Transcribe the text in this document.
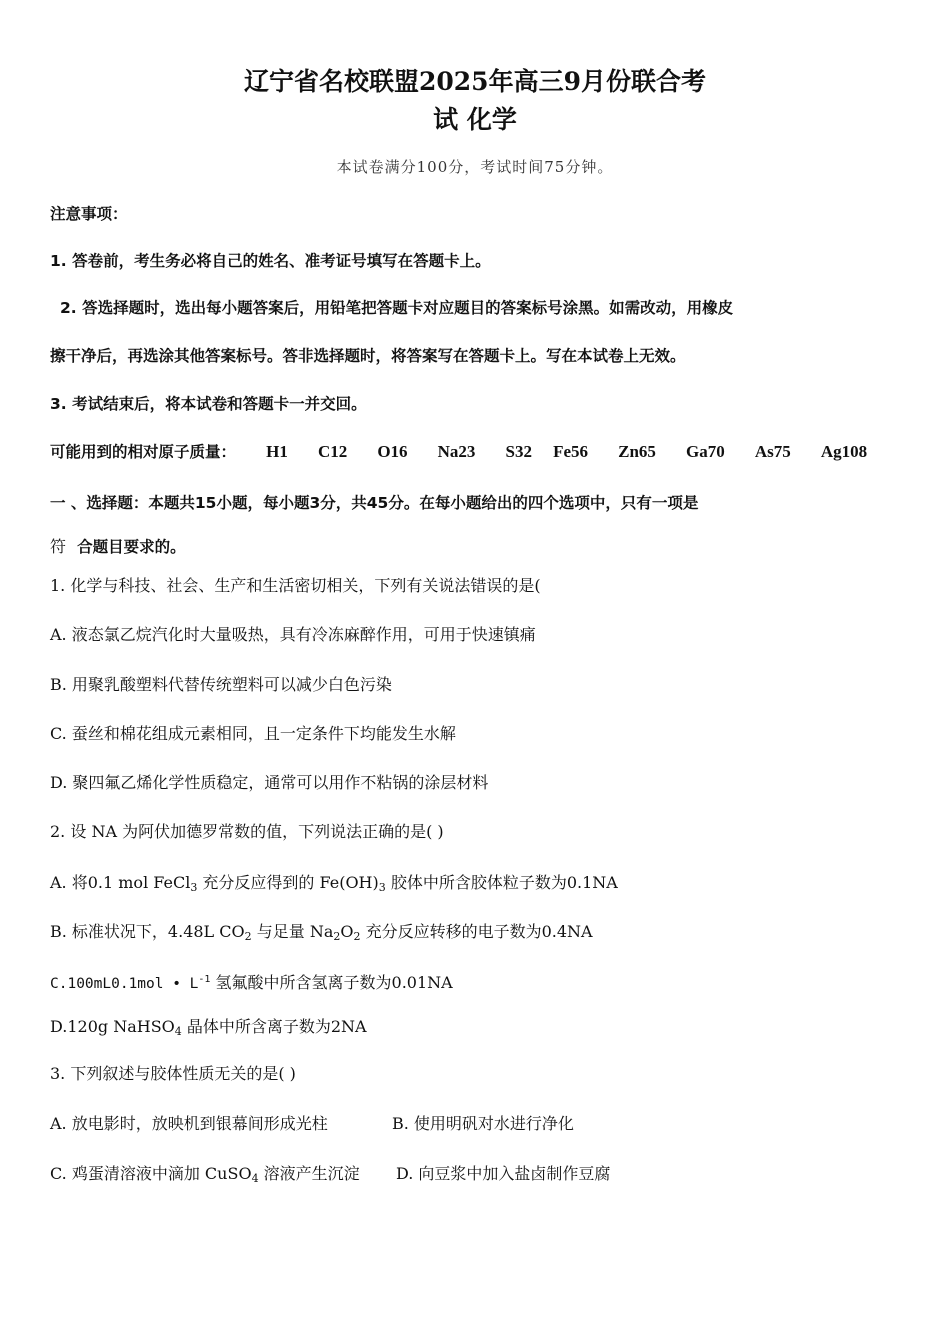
辽宁省名校联盟2025年高三9月份联合考
试 化学
本试卷满分100分，考试时间75分钟。
注意事项：
1. 答卷前，考生务必将自己的姓名、准考证号填写在答题卡上。
2. 答选择题时，选出每小题答案后，用铅笔把答题卡对应题目的答案标号涂黑。如需改动，用橡皮
擦干净后，再选涂其他答案标号。答非选择题时，将答案写在答题卡上。写在本试卷上无效。
3. 考试结束后，将本试卷和答题卡一并交回。
可能用到的相对原子质量： H1 C12 O16 Na23 S32 Fe56 Zn65 Ga70 As75 Ag108
一 、选择题：本题共15小题，每小题3分，共45分。在每小题给出的四个选项中，只有一项是
符 合题目要求的。
1. 化学与科技、社会、生产和生活密切相关，下列有关说法错误的是(
A. 液态氯乙烷汽化时大量吸热，具有冷冻麻醉作用，可用于快速镇痛
B. 用聚乳酸塑料代替传统塑料可以减少白色污染
C. 蚕丝和棉花组成元素相同，且一定条件下均能发生水解
D. 聚四氟乙烯化学性质稳定，通常可以用作不粘锅的涂层材料
2. 设 NA 为阿伏加德罗常数的值，下列说法正确的是( )
A. 将0.1 mol FeCl$_3$ 充分反应得到的 $Fe(OH)_3$ 胶体中所含胶体粒子数为0.1NA
B. 标准状况下，4.48L $CO_2$ 与足量 $Na_2O_2$ 充分反应转移的电子数为0.4NA
C.100mL0.1mol • $L^{-1}$ 氢氟酸中所含氢离子数为0.01NA
D.120g NaHSO$_4$ 晶体中所含离子数为2NA
3. 下列叙述与胶体性质无关的是( )
A. 放电影时，放映机到银幕间形成光柱	B. 使用明矾对水进行净化
C. 鸡蛋清溶液中滴加 CuSO$_4$ 溶液产生沉淀 D. 向豆浆中加入盐卤制作豆腐
